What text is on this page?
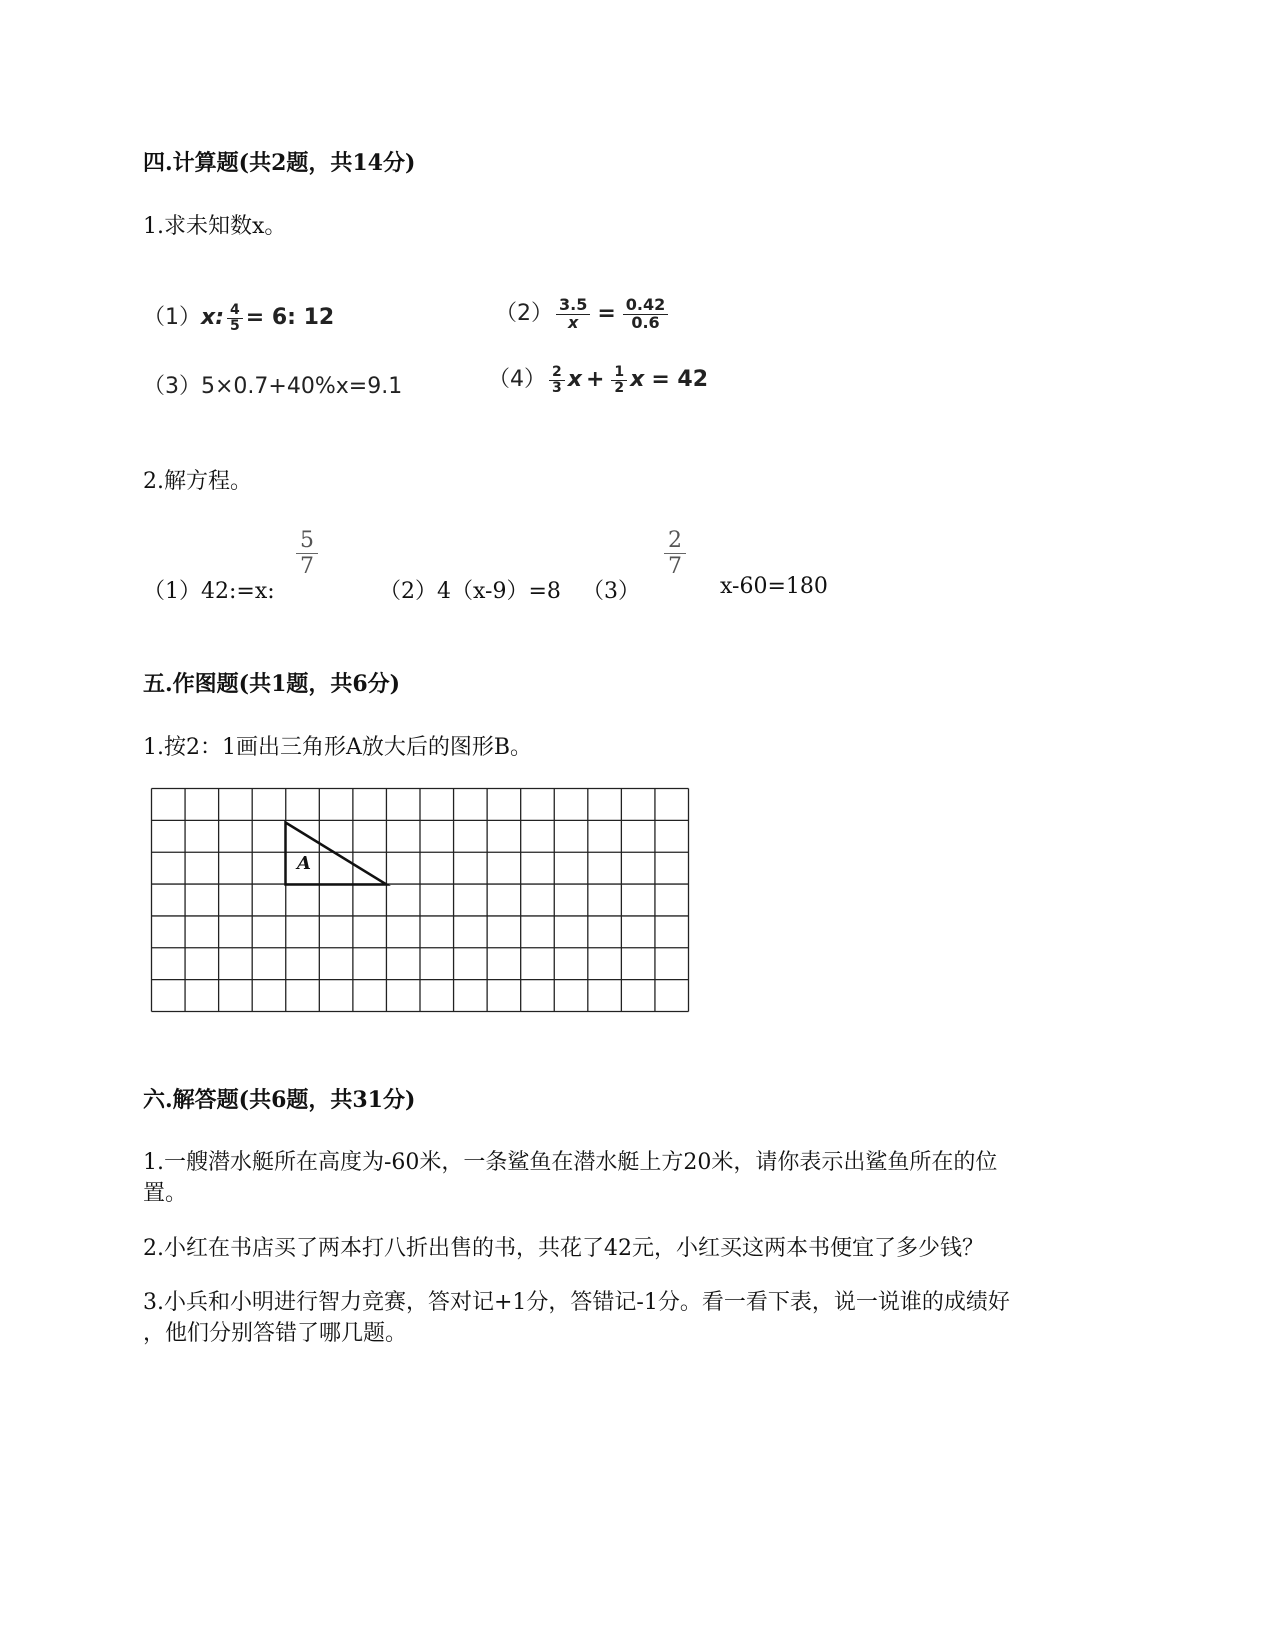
四.计算题(共2题，共14分)
1.求未知数x。
（1）x: $\frac{4}{5} = 6$: 12	$(2) \frac{3.5}{x} = \frac{0.42}{0.6}$
（3）5×0.7+40%x=9.1	$(4) \frac{2}{3}$ $x + \frac{1}{2}$ x = 42
2.解方程。
（1）42:=x:
$\frac{5}{7}$
（2）4（x-9）=8 （3）
$\frac{2}{7}$
x-60=180
五.作图题(共1题，共6分)
1.按2：1画出三角形A放大后的图形B。
A
六.解答题(共6题，共31分)
1.一艘潜水艇所在高度为-60米，一条鲨鱼在潜水艇上方20米，请你表示出鲨鱼所在的位
置。
2.小红在书店买了两本打八折出售的书，共花了42元，小红买这两本书便宜了多少钱？
3.小兵和小明进行智力竞赛，答对记+1分，答错记-1分。看一看下表，说一说谁的成绩好
，他们分别答错了哪几题。
